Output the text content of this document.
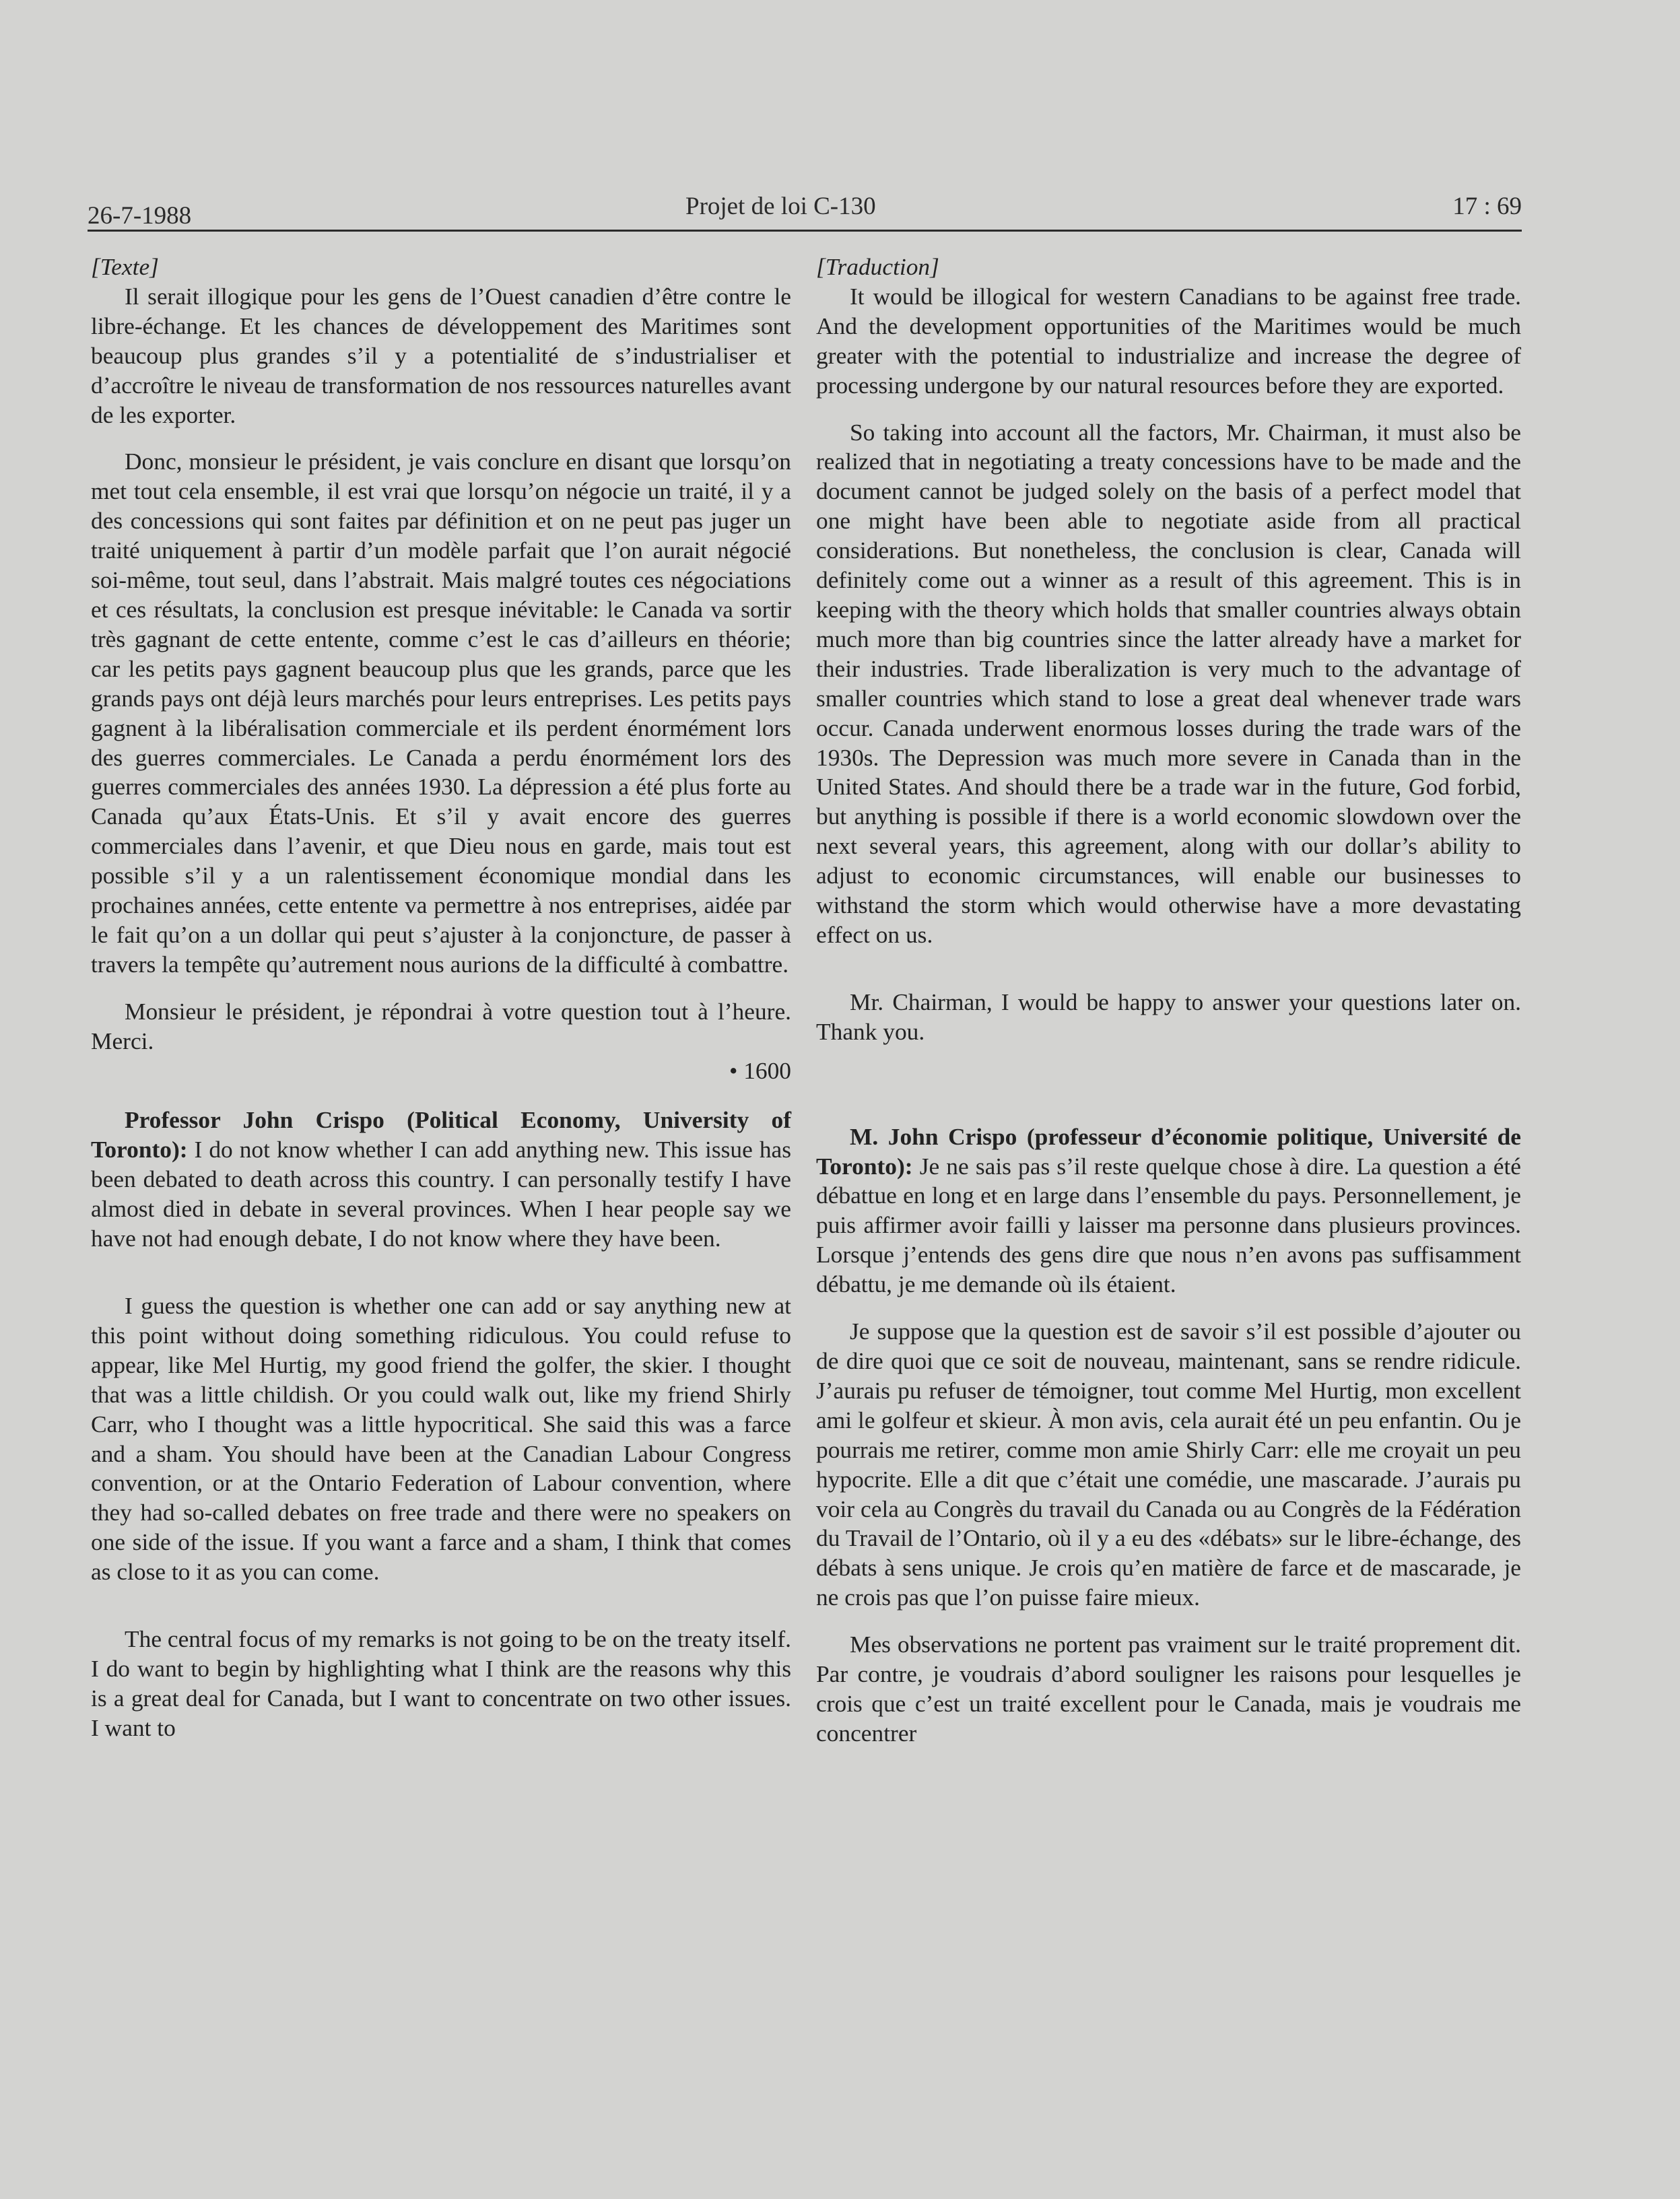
26-7-1988	Projet de loi C-130	17 : 69

[Texte]

Il serait illogique pour les gens de l’Ouest canadien d’être contre le libre-échange. Et les chances de développement des Maritimes sont beaucoup plus grandes s’il y a potentialité de s’industrialiser et d’accroître le niveau de transformation de nos ressources naturelles avant de les exporter.

Donc, monsieur le président, je vais conclure en disant que lorsqu’on met tout cela ensemble, il est vrai que lorsqu’on négocie un traité, il y a des concessions qui sont faites par définition et on ne peut pas juger un traité uniquement à partir d’un modèle parfait que l’on aurait négocié soi-même, tout seul, dans l’abstrait. Mais malgré toutes ces négociations et ces résultats, la conclusion est presque inévitable: le Canada va sortir très gagnant de cette entente, comme c’est le cas d’ailleurs en théorie; car les petits pays gagnent beaucoup plus que les grands, parce que les grands pays ont déjà leurs marchés pour leurs entreprises. Les petits pays gagnent à la libéralisation commerciale et ils perdent énormément lors des guerres commerciales. Le Canada a perdu énormément lors des guerres commerciales des années 1930. La dépression a été plus forte au Canada qu’aux États-Unis. Et s’il y avait encore des guerres commerciales dans l’avenir, et que Dieu nous en garde, mais tout est possible s’il y a un ralentissement économique mondial dans les prochaines années, cette entente va permettre à nos entreprises, aidée par le fait qu’on a un dollar qui peut s’ajuster à la conjoncture, de passer à travers la tempête qu’autrement nous aurions de la difficulté à combattre.

Monsieur le président, je répondrai à votre question tout à l’heure. Merci.

• 1600

Professor John Crispo (Political Economy, University of Toronto): I do not know whether I can add anything new. This issue has been debated to death across this country. I can personally testify I have almost died in debate in several provinces. When I hear people say we have not had enough debate, I do not know where they have been.

I guess the question is whether one can add or say anything new at this point without doing something ridiculous. You could refuse to appear, like Mel Hurtig, my good friend the golfer, the skier. I thought that was a little childish. Or you could walk out, like my friend Shirly Carr, who I thought was a little hypocritical. She said this was a farce and a sham. You should have been at the Canadian Labour Congress convention, or at the Ontario Federation of Labour convention, where they had so-called debates on free trade and there were no speakers on one side of the issue. If you want a farce and a sham, I think that comes as close to it as you can come.

The central focus of my remarks is not going to be on the treaty itself. I do want to begin by highlighting what I think are the reasons why this is a great deal for Canada, but I want to concentrate on two other issues. I want to

[Traduction]

It would be illogical for western Canadians to be against free trade. And the development opportunities of the Maritimes would be much greater with the potential to industrialize and increase the degree of processing undergone by our natural resources before they are exported.

So taking into account all the factors, Mr. Chairman, it must also be realized that in negotiating a treaty concessions have to be made and the document cannot be judged solely on the basis of a perfect model that one might have been able to negotiate aside from all practical considerations. But nonetheless, the conclusion is clear, Canada will definitely come out a winner as a result of this agreement. This is in keeping with the theory which holds that smaller countries always obtain much more than big countries since the latter already have a market for their industries. Trade liberalization is very much to the advantage of smaller countries which stand to lose a great deal whenever trade wars occur. Canada underwent enormous losses during the trade wars of the 1930s. The Depression was much more severe in Canada than in the United States. And should there be a trade war in the future, God forbid, but anything is possible if there is a world economic slowdown over the next several years, this agreement, along with our dollar’s ability to adjust to economic circumstances, will enable our businesses to withstand the storm which would otherwise have a more devastating effect on us.

Mr. Chairman, I would be happy to answer your questions later on. Thank you.

M. John Crispo (professeur d’économie politique, Université de Toronto): Je ne sais pas s’il reste quelque chose à dire. La question a été débattue en long et en large dans l’ensemble du pays. Personnellement, je puis affirmer avoir failli y laisser ma personne dans plusieurs provinces. Lorsque j’entends des gens dire que nous n’en avons pas suffisamment débattu, je me demande où ils étaient.

Je suppose que la question est de savoir s’il est possible d’ajouter ou de dire quoi que ce soit de nouveau, maintenant, sans se rendre ridicule. J’aurais pu refuser de témoigner, tout comme Mel Hurtig, mon excellent ami le golfeur et skieur. À mon avis, cela aurait été un peu enfantin. Ou je pourrais me retirer, comme mon amie Shirly Carr: elle me croyait un peu hypocrite. Elle a dit que c’était une comédie, une mascarade. J’aurais pu voir cela au Congrès du travail du Canada ou au Congrès de la Fédération du Travail de l’Ontario, où il y a eu des «débats» sur le libre-échange, des débats à sens unique. Je crois qu’en matière de farce et de mascarade, je ne crois pas que l’on puisse faire mieux.

Mes observations ne portent pas vraiment sur le traité proprement dit. Par contre, je voudrais d’abord souligner les raisons pour lesquelles je crois que c’est un traité excellent pour le Canada, mais je voudrais me concentrer
